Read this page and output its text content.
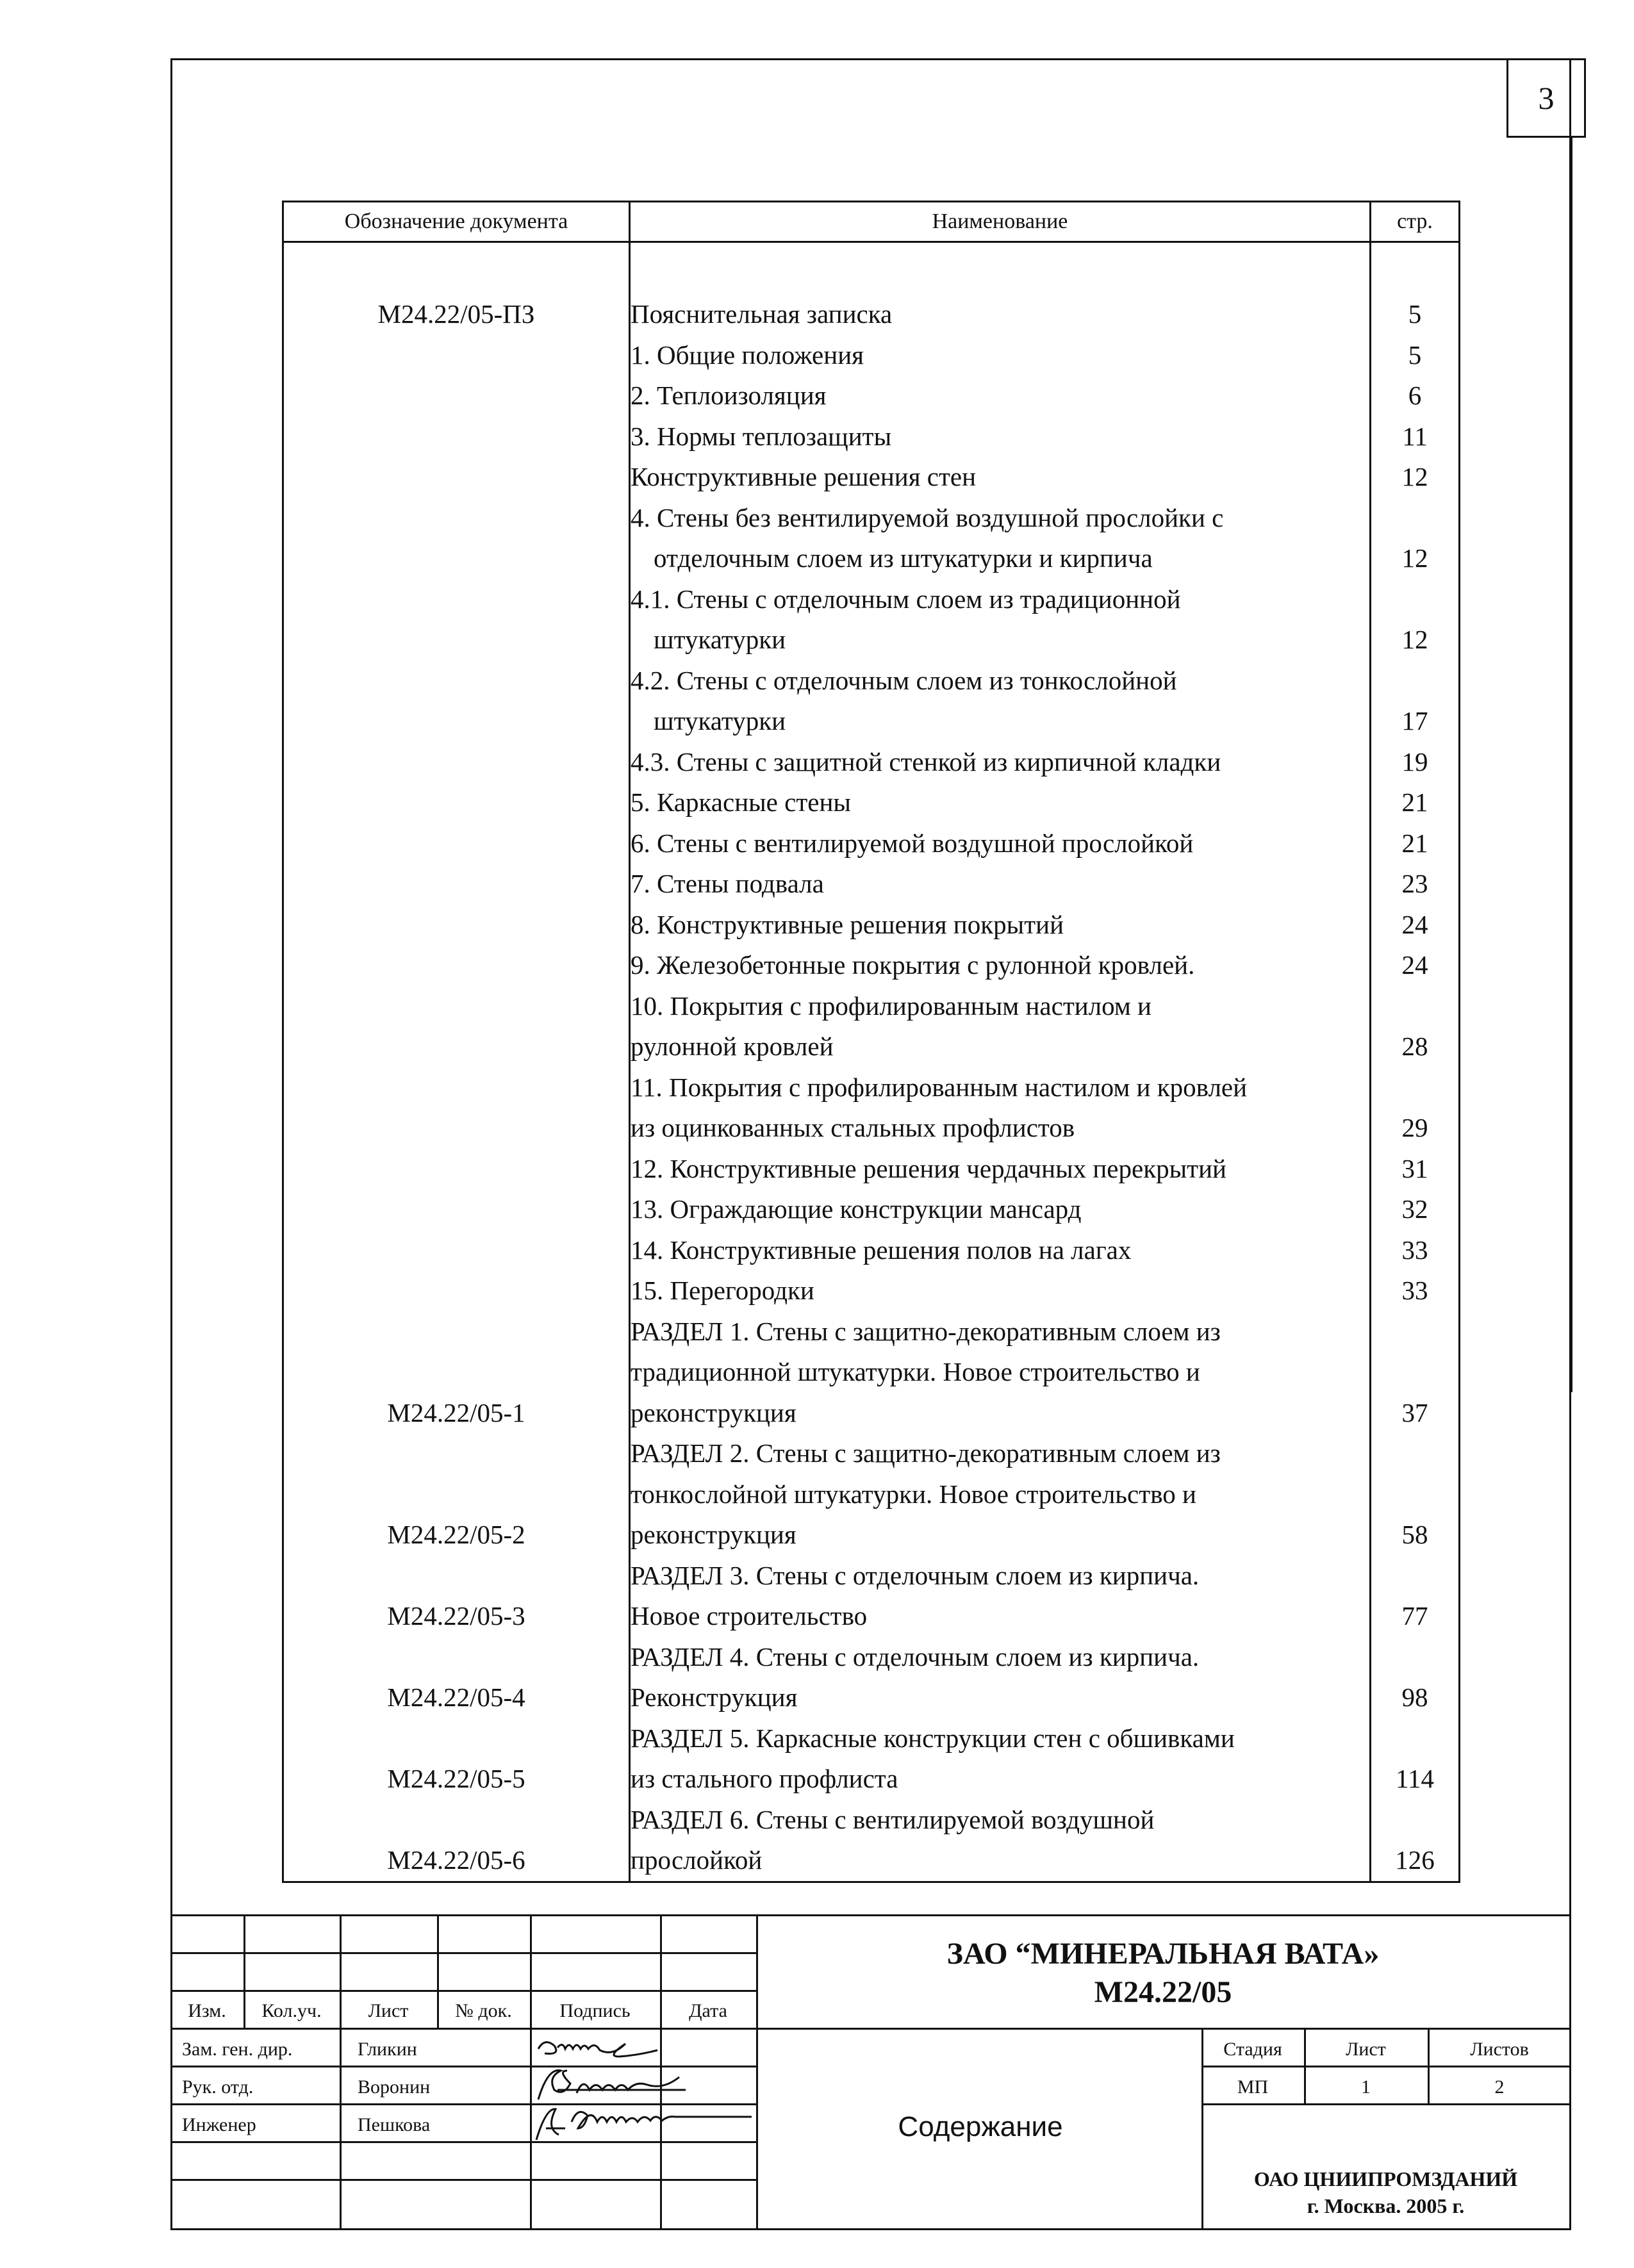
3
Обозначение документа	Наименование	стр.

М24.22/05-ПЗ	Пояснительная записка	5

	1. Общие положения	5

	2. Теплоизоляция	6

	3. Нормы теплозащиты	11

	Конструктивные решения стен	12

	4. Стены без вентилируемой воздушной прослойки с
отделочным слоем из штукатурки и кирпича	12

	4.1. Стены с отделочным слоем из традиционной
штукатурки	12

	4.2. Стены с отделочным слоем из тонкослойной
штукатурки	17

	4.3. Стены с защитной стенкой из кирпичной кладки	19

	5. Каркасные стены	21

	6. Стены с вентилируемой воздушной прослойкой	21

	7. Стены подвала	23

	8. Конструктивные решения покрытий	24

	9. Железобетонные покрытия с рулонной кровлей.	24

	10. Покрытия с профилированным настилом и
рулонной кровлей	28

	11. Покрытия с профилированным настилом и кровлей
из оцинкованных стальных профлистов	29

	12. Конструктивные решения чердачных перекрытий	31

	13. Ограждающие конструкции мансард	32

	14. Конструктивные решения полов на лагах	33

	15. Перегородки	33
М24.22/05-1	РАЗДЕЛ 1. Стены с защитно-декоративным слоем из
традиционной штукатурки. Новое строительство и
реконструкция	37
М24.22/05-2	РАЗДЕЛ 2. Стены с защитно-декоративным слоем из
тонкослойной штукатурки. Новое строительство и
реконструкция	58
М24.22/05-3	РАЗДЕЛ 3. Стены с отделочным слоем из кирпича.
Новое строительство	77
М24.22/05-4	РАЗДЕЛ 4. Стены с отделочным слоем из кирпича.
Реконструкция	98
М24.22/05-5	РАЗДЕЛ 5. Каркасные конструкции стен с обшивками
из стального профлиста	114
М24.22/05-6	РАЗДЕЛ 6. Стены с вентилируемой воздушной
прослойкой	126
Изм.	Кол.уч.	Лист	№ док.	Подпись	Дата
Зам. ген. дир.	Гликин
Рук. отд.	Воронин
Инженер	Пешкова
ЗАО “МИНЕРАЛЬНАЯ ВАТА»
М24.22/05
Содержание
Стадия	Лист	Листов
МП	1	2
ОАО ЦНИИПРОМЗДАНИЙ
г. Москва. 2005 г.
